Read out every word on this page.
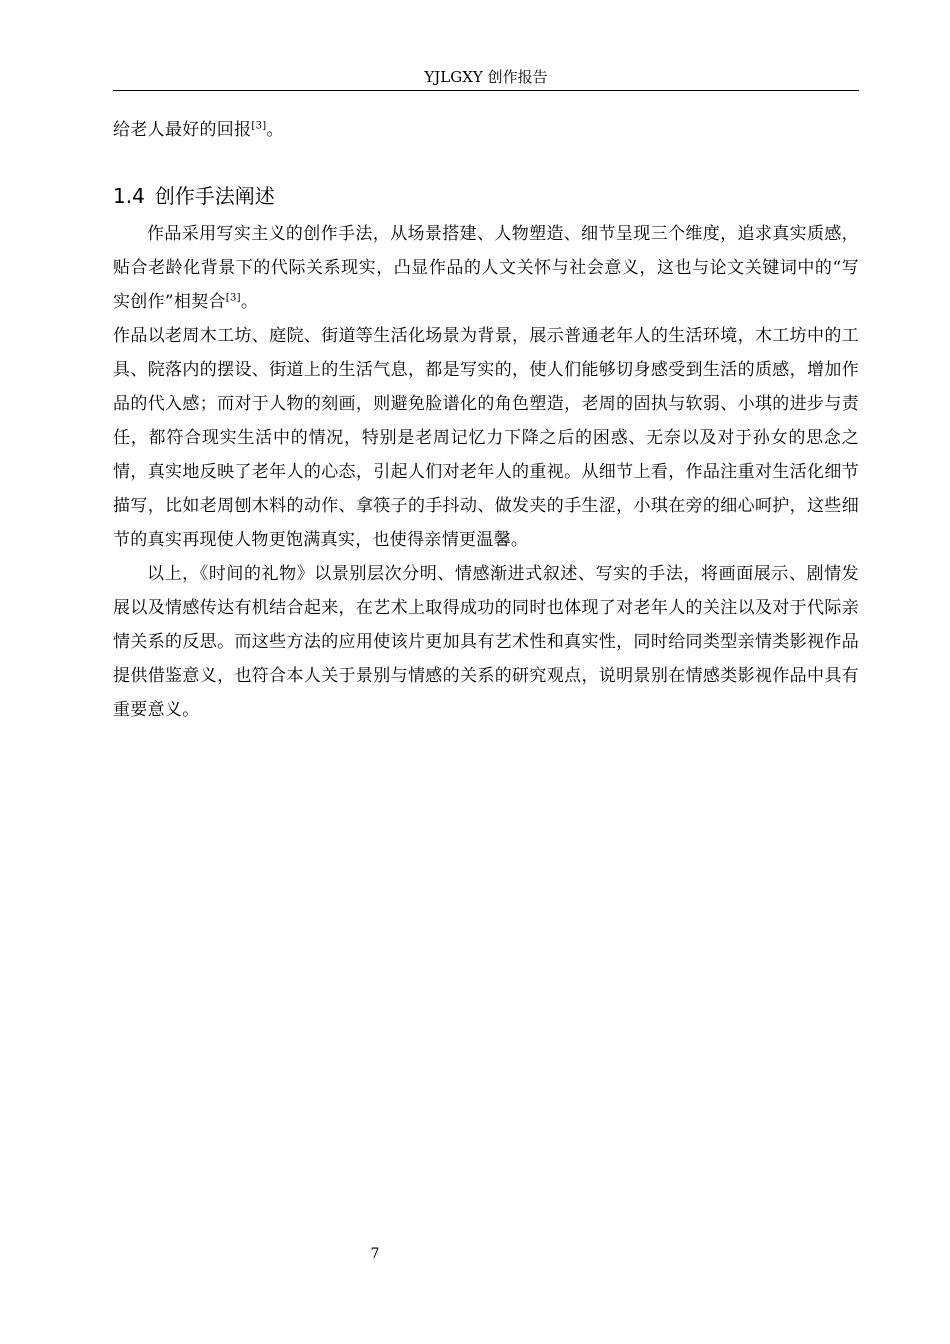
YJLGXY 创作报告

给老人最好的回报[3]。

1.4 创作手法阐述

作品采用写实主义的创作手法，从场景搭建、人物塑造、细节呈现三个维度，追求真实质感，贴合老龄化背景下的代际关系现实，凸显作品的人文关怀与社会意义，这也与论文关键词中的“写实创作”相契合[3]。

作品以老周木工坊、庭院、街道等生活化场景为背景，展示普通老年人的生活环境，木工坊中的工具、院落内的摆设、街道上的生活气息，都是写实的，使人们能够切身感受到生活的质感，增加作品的代入感；而对于人物的刻画，则避免脸谱化的角色塑造，老周的固执与软弱、小琪的进步与责任，都符合现实生活中的情况，特别是老周记忆力下降之后的困惑、无奈以及对于孙女的思念之情，真实地反映了老年人的心态，引起人们对老年人的重视。从细节上看，作品注重对生活化细节描写，比如老周刨木料的动作、拿筷子的手抖动、做发夹的手生涩，小琪在旁的细心呵护，这些细节的真实再现使人物更饱满真实，也使得亲情更温馨。

以上，《时间的礼物》以景别层次分明、情感渐进式叙述、写实的手法，将画面展示、剧情发展以及情感传达有机结合起来，在艺术上取得成功的同时也体现了对老年人的关注以及对于代际亲情关系的反思。而这些方法的应用使该片更加具有艺术性和真实性，同时给同类型亲情类影视作品提供借鉴意义，也符合本人关于景别与情感的关系的研究观点，说明景别在情感类影视作品中具有重要意义。

7
